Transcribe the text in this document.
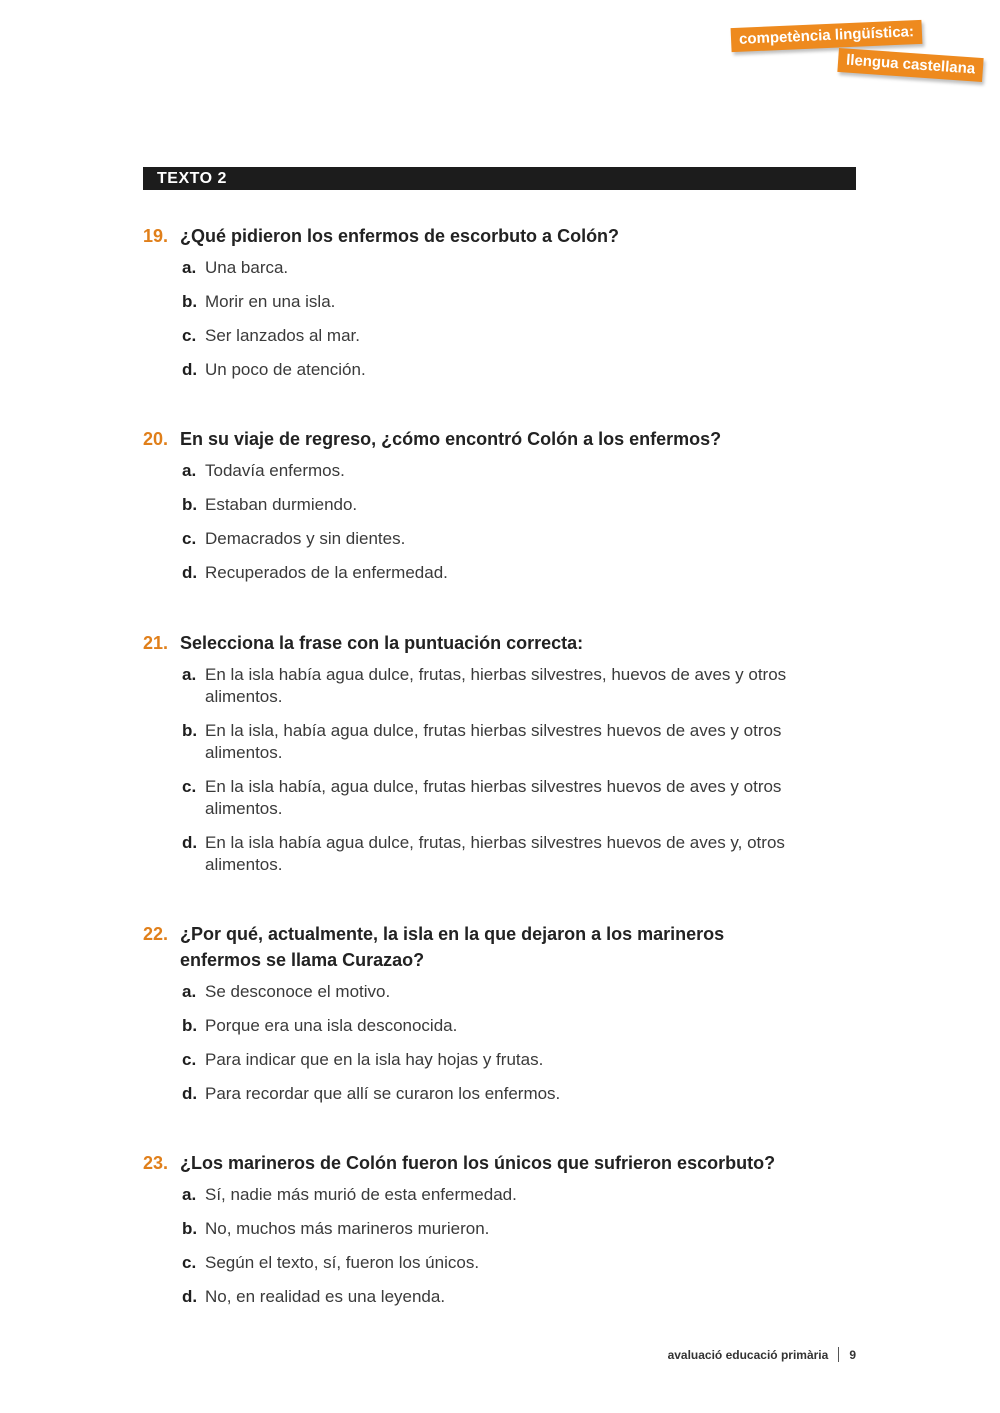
competència lingüística:
llengua castellana
TEXTO 2
19. ¿Qué pidieron los enfermos de escorbuto a Colón?
a. Una barca.
b. Morir en una isla.
c. Ser lanzados al mar.
d. Un poco de atención.
20. En su viaje de regreso, ¿cómo encontró Colón a los enfermos?
a. Todavía enfermos.
b. Estaban durmiendo.
c. Demacrados y sin dientes.
d. Recuperados de la enfermedad.
21. Selecciona la frase con la puntuación correcta:
a. En la isla había agua dulce, frutas, hierbas silvestres, huevos de aves y otros alimentos.
b. En la isla, había agua dulce, frutas hierbas silvestres huevos de aves y otros alimentos.
c. En la isla había, agua dulce, frutas hierbas silvestres huevos de aves y otros alimentos.
d. En la isla había agua dulce, frutas, hierbas silvestres huevos de aves y, otros alimentos.
22. ¿Por qué, actualmente, la isla en la que dejaron a los marineros enfermos se llama Curazao?
a. Se desconoce el motivo.
b. Porque era una isla desconocida.
c. Para indicar que en la isla hay hojas y frutas.
d. Para recordar que allí se curaron los enfermos.
23. ¿Los marineros de Colón fueron los únicos que sufrieron escorbuto?
a. Sí, nadie más murió de esta enfermedad.
b. No, muchos más marineros murieron.
c. Según el texto, sí, fueron los únicos.
d. No, en realidad es una leyenda.
avaluació educació primària 9
